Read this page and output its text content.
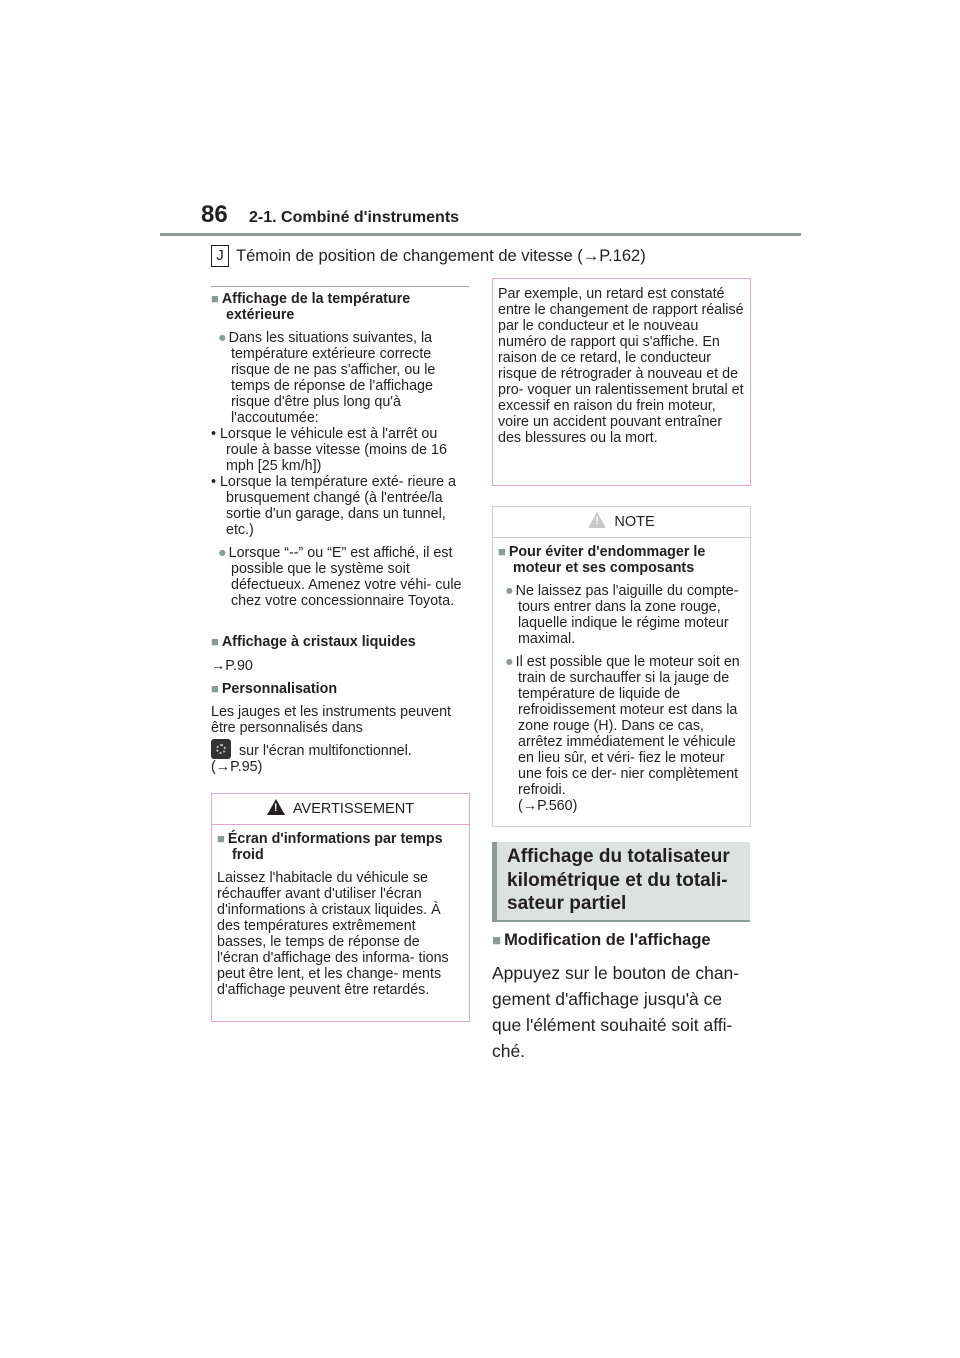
86 2-1. Combiné d'instruments
J Témoin de position de changement de vitesse ( → P.162)

■ Affichage de la température extérieure

● Dans les situations suivantes, la température extérieure correcte risque de ne pas s'afficher, ou le temps de réponse de l'affichage risque d'être plus long qu'à l'accoutumée:

• Lorsque le véhicule est à l'arrêt ou roule à basse vitesse (moins de 16 mph [25 km/h])

• Lorsque la température exté- rieure a brusquement changé (à l'entrée/la sortie d'un garage, dans un tunnel, etc.)

● Lorsque “--” ou “E” est affiché, il est possible que le système soit défectueux. Amenez votre véhi- cule chez votre concessionnaire Toyota.

■ Affichage à cristaux liquides

→P.90

■ Personnalisation

Les jauges et les instruments peuvent être personnalisés dans

sur l'écran multifonctionnel.

(→P.95)

!AVERTISSEMENT

■ Écran d'informations par temps froid

Laissez l'habitacle du véhicule se réchauffer avant d'utiliser l'écran d'informations à cristaux liquides. À des températures extrêmement basses, le temps de réponse de l'écran d'affichage des informa- tions peut être lent, et les change- ments d'affichage peuvent être retardés.

Par exemple, un retard est constaté entre le changement de rapport réalisé par le conducteur et le nouveau numéro de rapport qui s'affiche. En raison de ce retard, le conducteur risque de rétrograder à nouveau et de pro- voquer un ralentissement brutal et excessif en raison du frein moteur, voire un accident pouvant entraîner des blessures ou la mort.

!NOTE

■ Pour éviter d'endommager le moteur et ses composants

● Ne laissez pas l'aiguille du compte-tours entrer dans la zone rouge, laquelle indique le régime moteur maximal.

● Il est possible que le moteur soit en train de surchauffer si la jauge de température de liquide de refroidissement moteur est dans la zone rouge (H). Dans ce cas, arrêtez immédiatement le véhicule en lieu sûr, et véri- fiez le moteur une fois ce der- nier complètement refroidi.

(→P.560)

Affichage du totalisateur kilométrique et du totali- sateur partiel

■ Modification de l'affichage

Appuyez sur le bouton de chan- gement d'affichage jusqu'à ce que l'élément souhaité soit affi- ché.
